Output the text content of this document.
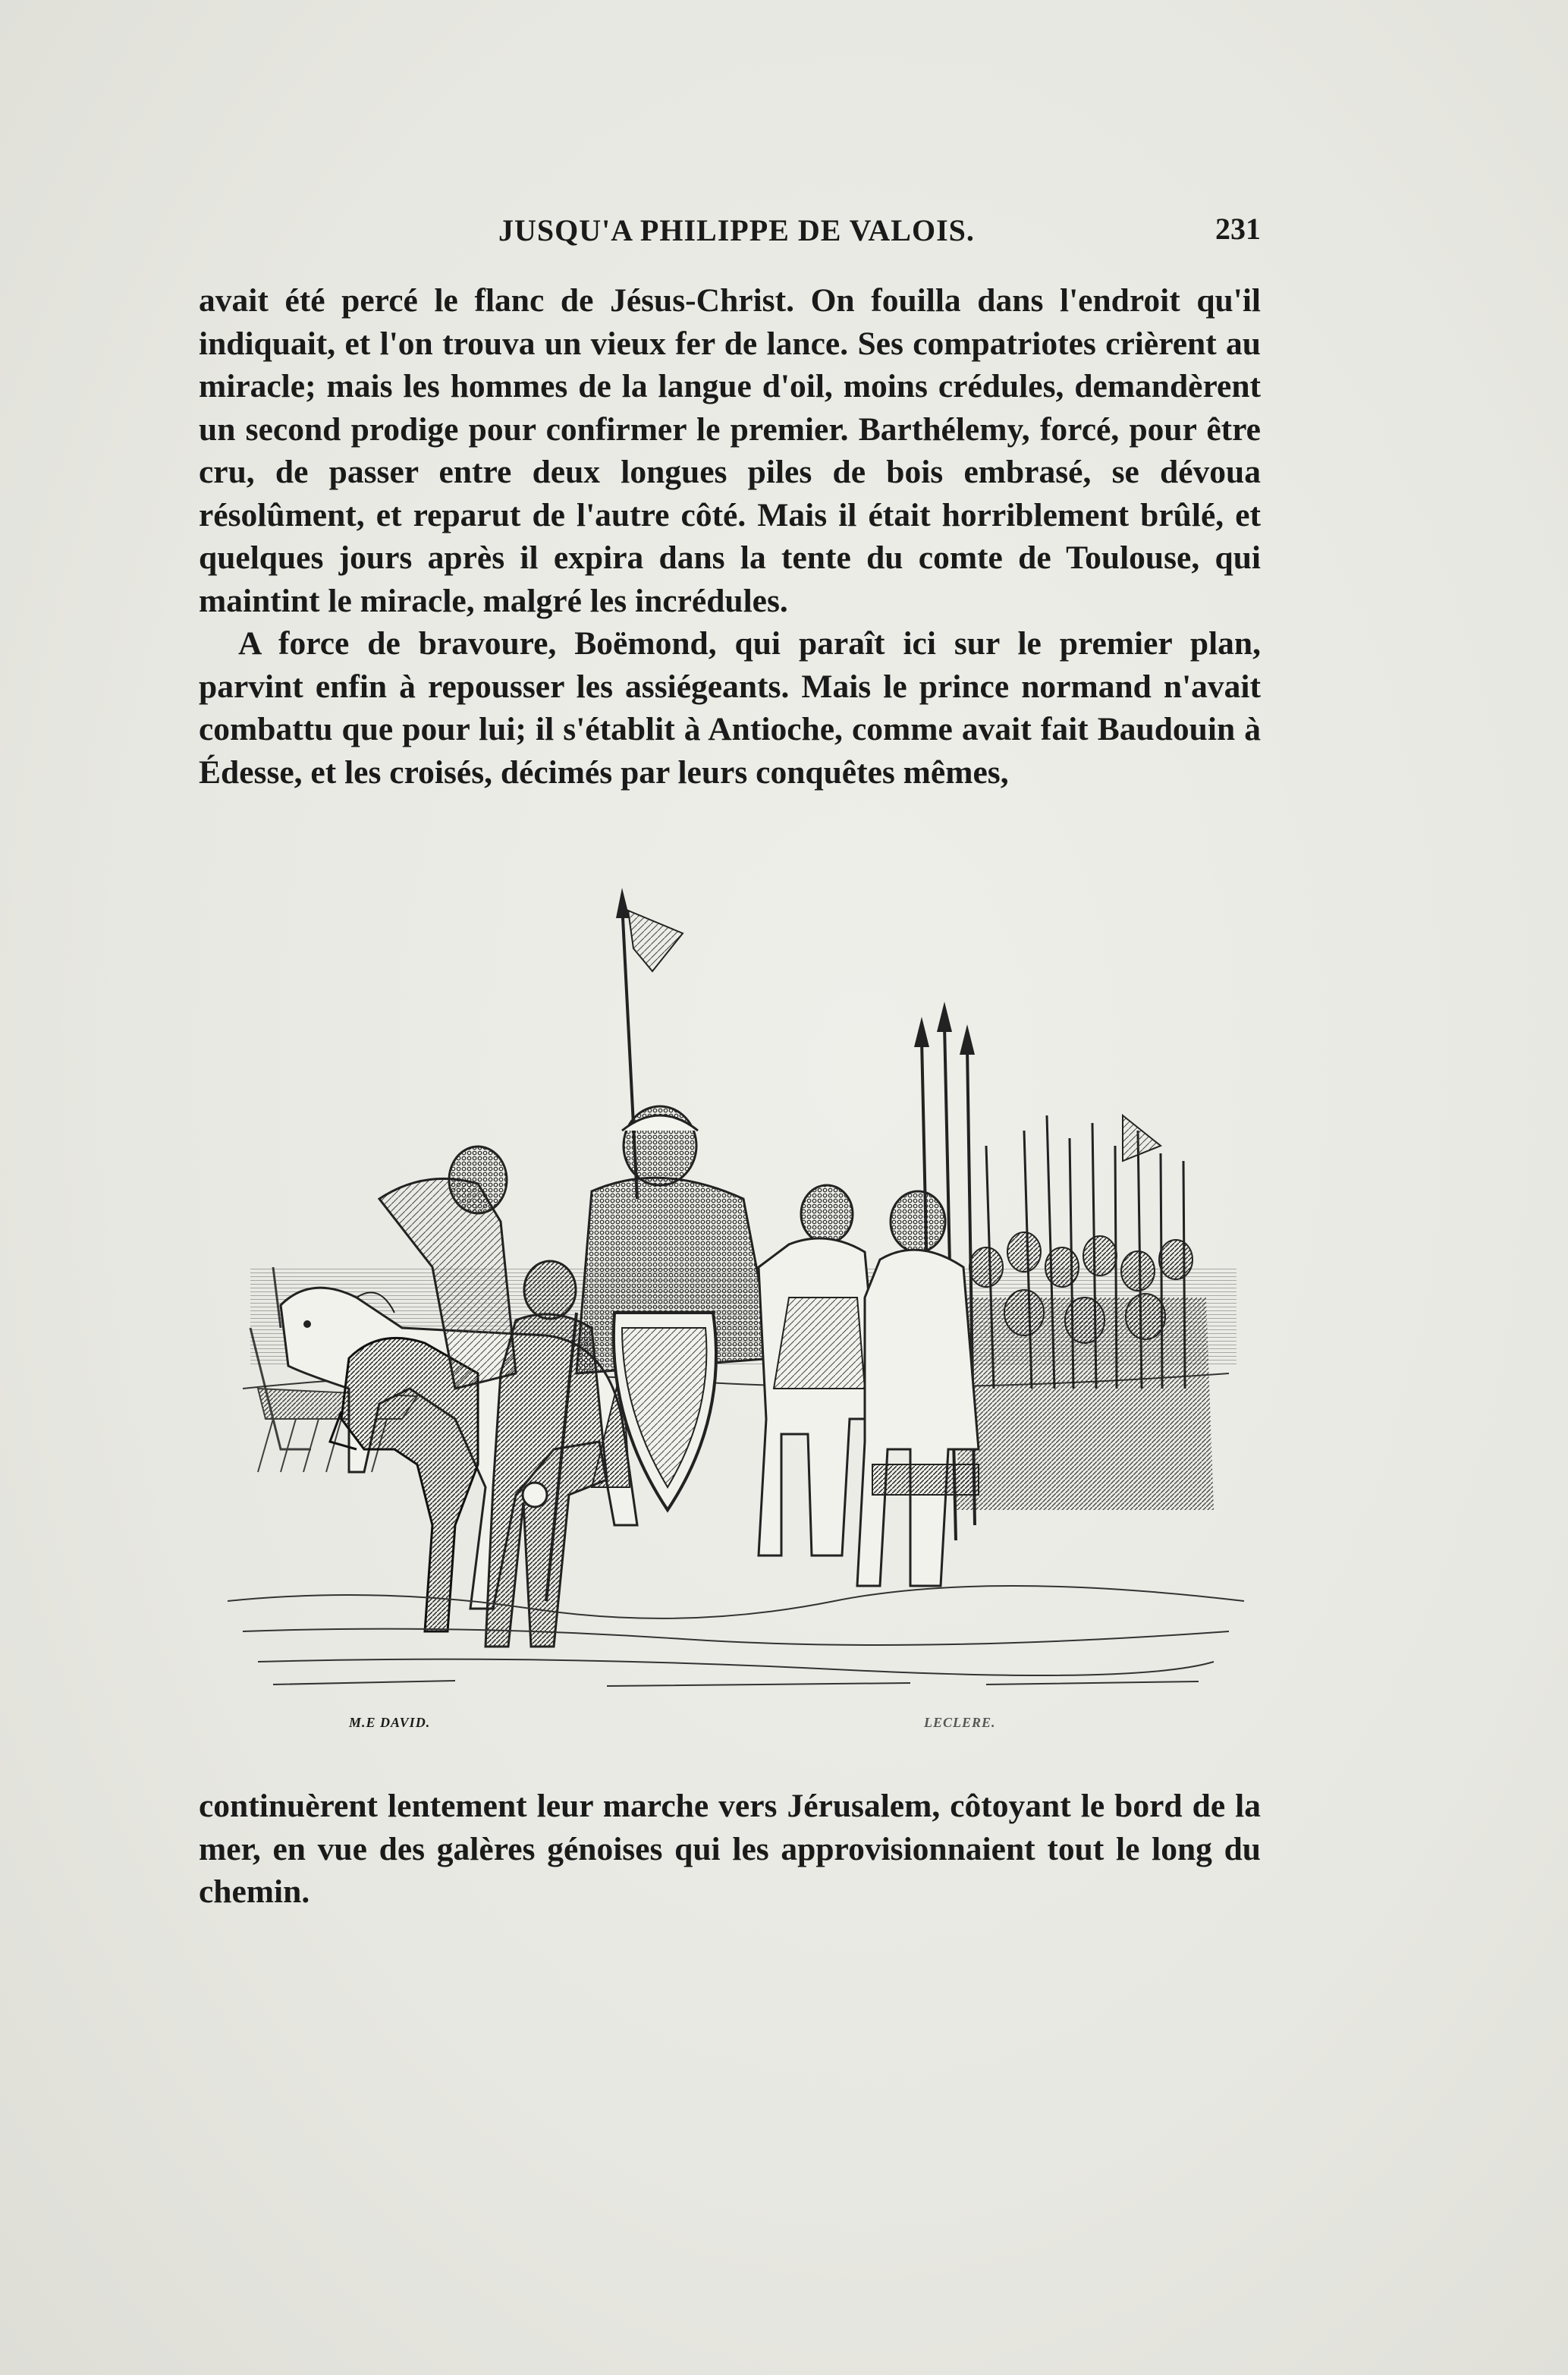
JUSQU'A PHILIPPE DE VALOIS.	231

avait été percé le flanc de Jésus-Christ. On fouilla dans l'endroit qu'il indiquait, et l'on trouva un vieux fer de lance. Ses compatriotes crièrent au miracle; mais les hommes de la langue d'oil, moins crédules, demandèrent un second prodige pour confirmer le premier. Barthélemy, forcé, pour être cru, de passer entre deux longues piles de bois embrasé, se dévoua résolûment, et reparut de l'autre côté. Mais il était horriblement brûlé, et quelques jours après il expira dans la tente du comte de Toulouse, qui maintint le miracle, malgré les incrédules.

A force de bravoure, Boëmond, qui paraît ici sur le premier plan, parvint enfin à repousser les assiégeants. Mais le prince normand n'avait combattu que pour lui; il s'établit à Antioche, comme avait fait Baudouin à Édesse, et les croisés, décimés par leurs conquêtes mêmes,

M.E DAVID.	LECLERE.

continuèrent lentement leur marche vers Jérusalem, côtoyant le bord de la mer, en vue des galères génoises qui les approvisionnaient tout le long du chemin.
